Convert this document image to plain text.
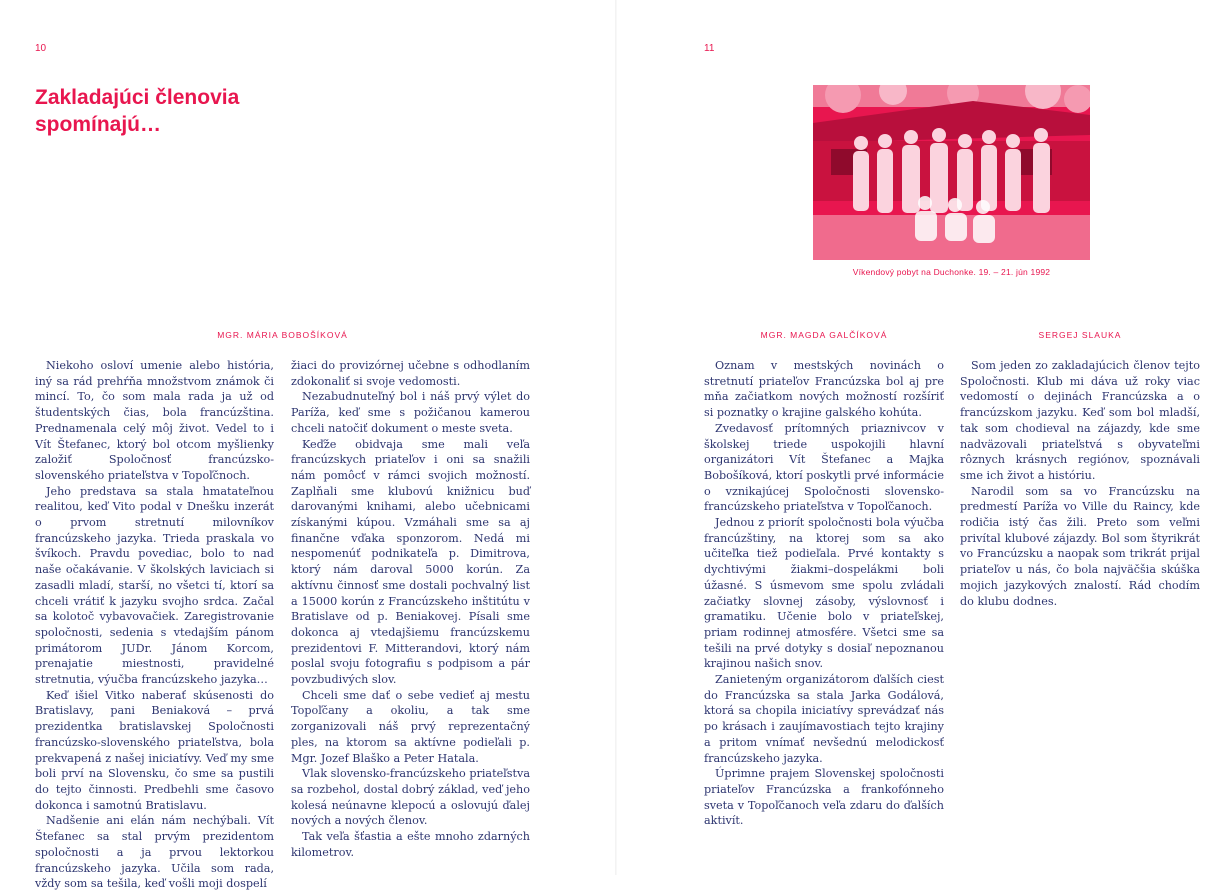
10
Zakladajúci členovia spomínajú…
MGR. MÁRIA BOBOŠÍKOVÁ

Niekoho osloví umenie alebo história, iný sa rád prehŕňa množstvom známok či mincí. To, čo som mala rada ja už od študentských čias, bola francúzština. Prednamenala celý môj život. Vedel to i Vít Štefanec, ktorý bol otcom myšlienky založiť Spoločnosť francúzsko-slovenského priateľstva v Topoľčnoch.

Jeho predstava sa stala hmatateľnou realitou, keď Vito podal v Dnešku inzerát o prvom stretnutí milovníkov francúzskeho jazyka. Trieda praskala vo švíkoch. Pravdu povediac, bolo to nad naše očakávanie. V školských laviciach si zasadli mladí, starší, no všetci tí, ktorí sa chceli vrátiť k jazyku svojho srdca. Začal sa kolotoč vybavovačiek. Zaregistrovanie spoločnosti, sedenia s vtedajším pánom primátorom JUDr. Jánom Korcom, prenajatie miestnosti, pravidelné stretnutia, výučba francúzskeho jazyka…

Keď išiel Vitko naberať skúsenosti do Bratislavy, pani Beniaková – prvá prezidentka bratislavskej Spoločnosti francúzsko-slovenského priateľstva, bola prekvapená z našej iniciatívy. Veď my sme boli prví na Slovensku, čo sme sa pustili do tejto činnosti. Predbehli sme časovo dokonca i samotnú Bratislavu.

Nadšenie ani elán nám nechýbali. Vít Štefanec sa stal prvým prezidentom spoločnosti a ja prvou lektorkou francúzskeho jazyka. Učila som rada, vždy som sa tešila, keď vošli moji dospelí

žiaci do provizórnej učebne s odhodlaním zdokonaliť si svoje vedomosti.

Nezabudnuteľný bol i náš prvý výlet do Paríža, keď sme s požičanou kamerou chceli natočiť dokument o meste sveta.

Keďže obidvaja sme mali veľa francúzskych priateľov i oni sa snažili nám pomôcť v rámci svojich možností. Zaplňali sme klubovú knižnicu buď darovanými knihami, alebo učebnicami získanými kúpou. Vzmáhali sme sa aj finančne vďaka sponzorom. Nedá mi nespomenúť podnikateľa p. Dimitrova, ktorý nám daroval 5000 korún. Za aktívnu činnosť sme dostali pochvalný list a 15000 korún z Francúzskeho inštitútu v Bratislave od p. Beniakovej. Písali sme dokonca aj vtedajšiemu francúzskemu prezidentovi F. Mitterandovi, ktorý nám poslal svoju fotografiu s podpisom a pár povzbudivých slov.

Chceli sme dať o sebe vedieť aj mestu Topoľčany a okoliu, a tak sme zorganizovali náš prvý reprezentačný ples, na ktorom sa aktívne podieľali p. Mgr. Jozef Blaško a Peter Hatala.

Vlak slovensko-francúzskeho priateľstva sa rozbehol, dostal dobrý základ, veď jeho kolesá neúnavne klepocú a oslovujú ďalej nových a nových členov.

Tak veľa šťastia a ešte mnoho zdarných kilometrov.

11
Víkendový pobyt na Duchonke. 19. – 21. jún 1992
MGR. MAGDA GALČÍKOVÁ	SERGEJ SLAUKA

Oznam v mestských novinách o stretnutí priateľov Francúzska bol aj pre mňa začiatkom nových možností rozšíriť si poznatky o krajine galského kohúta.

Zvedavosť prítomných priaznivcov v školskej triede uspokojili hlavní organizátori Vít Štefanec a Majka Bobošíková, ktorí poskytli prvé informácie o vznikajúcej Spoločnosti slovensko- francúzskeho priateľstva v Topoľčanoch.

Jednou z priorít spoločnosti bola výučba francúzštiny, na ktorej som sa ako učiteľka tiež podieľala. Prvé kontakty s dychtivými žiakmi–dospelákmi boli úžasné. S úsmevom sme spolu zvládali začiatky slovnej zásoby, výslovnosť i gramatiku. Učenie bolo v priateľskej, priam rodinnej atmosfére. Všetci sme sa tešili na prvé dotyky s dosiaľ nepoznanou krajinou našich snov.

Zanieteným organizátorom ďalších ciest do Francúzska sa stala Jarka Godálová, ktorá sa chopila iniciatívy sprevádzať nás po krásach i zaujímavostiach tejto krajiny a pritom vnímať nevšednú melodickosť francúzskeho jazyka.

Úprimne prajem Slovenskej spoločnosti priateľov Francúzska a frankofónneho sveta v Topoľčanoch veľa zdaru do ďalších aktivít.

Som jeden zo zakladajúcich členov tejto Spoločnosti. Klub mi dáva už roky viac vedomostí o dejinách Francúzska a o francúzskom jazyku. Keď som bol mladší, tak som chodieval na zájazdy, kde sme nadväzovali priateľstvá s obyvateľmi rôznych krásnych regiónov, spoznávali sme ich život a históriu.

Narodil som sa vo Francúzsku na predmestí Paríža vo Ville du Raincy, kde rodičia istý čas žili. Preto som veľmi privítal klubové zájazdy. Bol som štyrikrát vo Francúzsku a naopak som trikrát prijal priateľov u nás, čo bola najväčšia skúška mojich jazykových znalostí. Rád chodím do klubu dodnes.
